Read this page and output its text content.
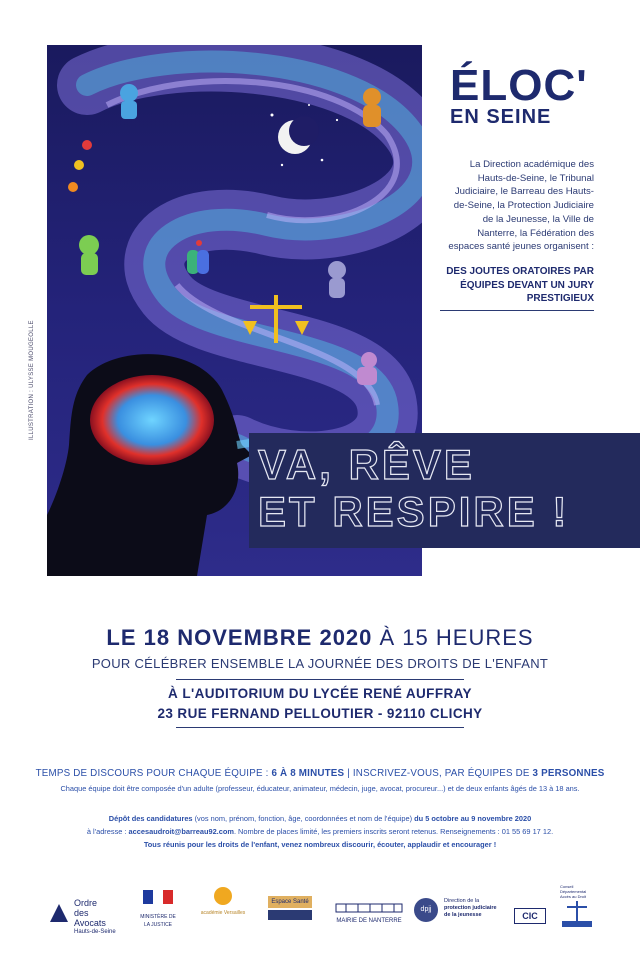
ILLUSTRATION : ULYSSE MOUGEOLLE
ÉLOC'
EN SEINE
La Direction académique des Hauts-de-Seine, le Tribunal Judiciaire, le Barreau des Hauts-de-Seine, la Protection Judiciaire de la Jeunesse, la Ville de Nanterre, la Fédération des espaces santé jeunes organisent :
DES JOUTES ORATOIRES PAR ÉQUIPES DEVANT UN JURY PRESTIGIEUX
VA, RÊVE
ET RESPIRE !
LE 18 NOVEMBRE 2020 À 15 HEURES
POUR CÉLÉBRER ENSEMBLE LA JOURNÉE DES DROITS DE L'ENFANT
À L'AUDITORIUM DU LYCÉE RENÉ AUFFRAY
23 RUE FERNAND PELLOUTIER - 92110 CLICHY
TEMPS DE DISCOURS POUR CHAQUE ÉQUIPE : 6 À 8 MINUTES | INSCRIVEZ-VOUS, PAR ÉQUIPES DE 3 PERSONNES
Chaque équipe doit être composée d'un adulte (professeur, éducateur, animateur, médecin, juge, avocat, procureur...) et de deux enfants âgés de 13 à 18 ans.
Dépôt des candidatures (vos nom, prénom, fonction, âge, coordonnées et nom de l'équipe) du 5 octobre au 9 novembre 2020
à l'adresse : accesaudroit@barreau92.com. Nombre de places limité, les premiers inscrits seront retenus. Renseignements : 01 55 69 17 12.
Tous réunis pour les droits de l'enfant, venez nombreux discourir, écouter, applaudir et encourager !
Ordre
des Avocats
Hauts-de-Seine
MINISTÈRE DE
LA JUSTICE
académie Versailles
Espace Santé
MAIRIE DE NANTERRE
dpjj
Direction de la
protection judiciaire
de la jeunesse	CIC
Conseil Départemental Accès au Droit
